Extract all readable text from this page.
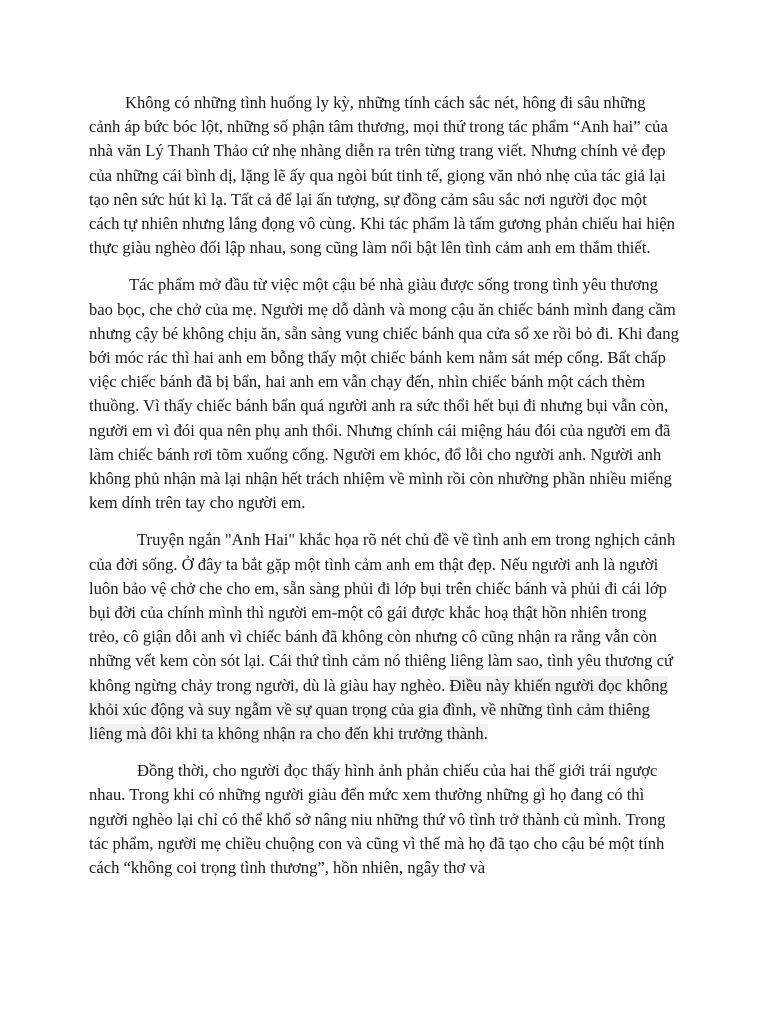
Không có những tình huống ly kỳ, những tính cách sắc nét, hông đi sâu những cảnh áp bức bóc lột, những số phận tâm thương, mọi thứ trong tác phẩm “Anh hai” của nhà văn Lý Thanh Thảo cứ nhẹ nhàng diễn ra trên từng trang viết. Nhưng chính vẻ đẹp của những cái bình dị, lặng lẽ ấy qua ngòi bút tinh tế, giọng văn nhỏ nhẹ của tác giả lại tạo nên sức hút kì lạ. Tất cả để lại ấn tượng, sự đồng cảm sâu sắc nơi người đọc một cách tự nhiên nhưng lắng đọng vô cùng. Khi tác phẩm là tấm gương phản chiếu hai hiện thực giàu nghèo đối lập nhau, song cũng làm nổi bật lên tình cảm anh em thắm thiết.

Tác phẩm mở đầu từ việc một cậu bé nhà giàu được sống trong tình yêu thương bao bọc, che chở của mẹ. Người mẹ dỗ dành và mong cậu ăn chiếc bánh mình đang cầm nhưng cậy bé không chịu ăn, sẵn sàng vung chiếc bánh qua cửa sổ xe rồi bỏ đi. Khi đang bới móc rác thì hai anh em bỗng thấy một chiếc bánh kem nằm sát mép cống. Bất chấp việc chiếc bánh đã bị bẩn, hai anh em vẫn chạy đến, nhìn chiếc bánh một cách thèm thuồng. Vì thấy chiếc bánh bẩn quá người anh ra sức thổi hết bụi đi nhưng bụi vẫn còn, người em vì đói qua nên phụ anh thổi. Nhưng chính cái miệng háu đói của người em đã làm chiếc bánh rơi tõm xuống cống. Người em khóc, đổ lỗi cho người anh. Người anh không phủ nhận mà lại nhận hết trách nhiệm về mình rồi còn nhường phần nhiều miếng kem dính trên tay cho người em.

Truyện ngắn "Anh Hai" khắc họa rõ nét chủ đề về tình anh em trong nghịch cảnh của đời sống. Ở đây ta bắt gặp một tình cảm anh em thật đẹp. Nếu người anh là người luôn bảo vệ chở che cho em, sẵn sàng phủi đi lớp bụi trên chiếc bánh và phủi đi cái lớp bụi đời của chính mình thì người em-một cô gái được khắc hoạ thật hồn nhiên trong trẻo, cô giận dỗi anh vì chiếc bánh đã không còn nhưng cô cũng nhận ra rằng vẫn còn những vết kem còn sót lại. Cái thứ tình cảm nó thiêng liêng làm sao, tình yêu thương cứ không ngừng chảy trong người, dù là giàu hay nghèo. Điều này khiến người đọc không khỏi xúc động và suy ngẫm về sự quan trọng của gia đình, về những tình cảm thiêng liêng mà đôi khi ta không nhận ra cho đến khi trưởng thành.

Đồng thời, cho người đọc thấy hình ảnh phản chiếu của hai thế giới trái ngược nhau. Trong khi có những người giàu đến mức xem thường những gì họ đang có thì người nghèo lại chỉ có thể khổ sở nâng niu những thứ vô tình trở thành củ mình. Trong tác phẩm, người mẹ chiều chuộng con và cũng vì thế mà họ đã tạo cho cậu bé một tính cách “không coi trọng tình thương”, hồn nhiên, ngây thơ và
